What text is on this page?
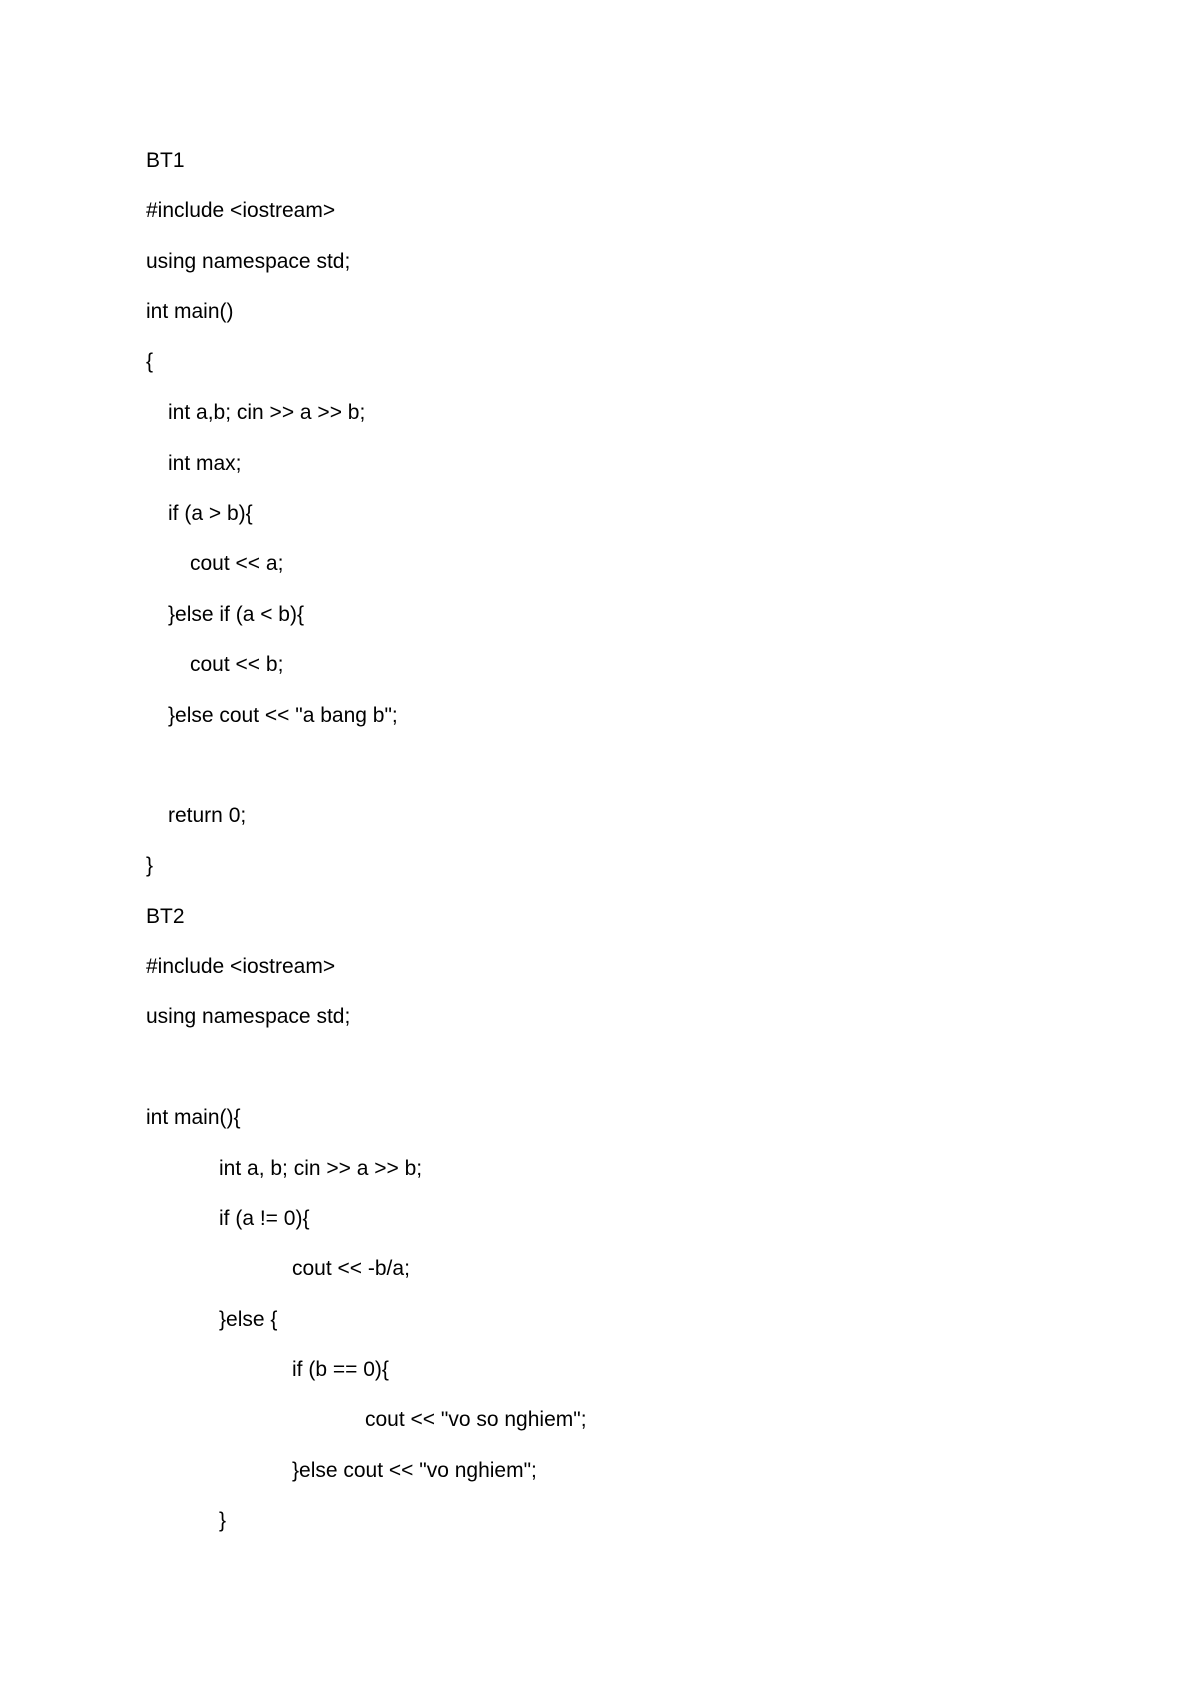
BT1
#include <iostream>
using namespace std;
int main()
{
int a,b; cin >> a >> b;
int max;
if (a > b){
cout << a;
}else if (a < b){
cout << b;
}else cout << "a bang b";
return 0;
}
BT2
#include <iostream>
using namespace std;
int main(){
int a, b; cin >> a >> b;
if (a != 0){
cout << -b/a;
}else {
if (b == 0){
cout << "vo so nghiem";
}else cout << "vo nghiem";
}
